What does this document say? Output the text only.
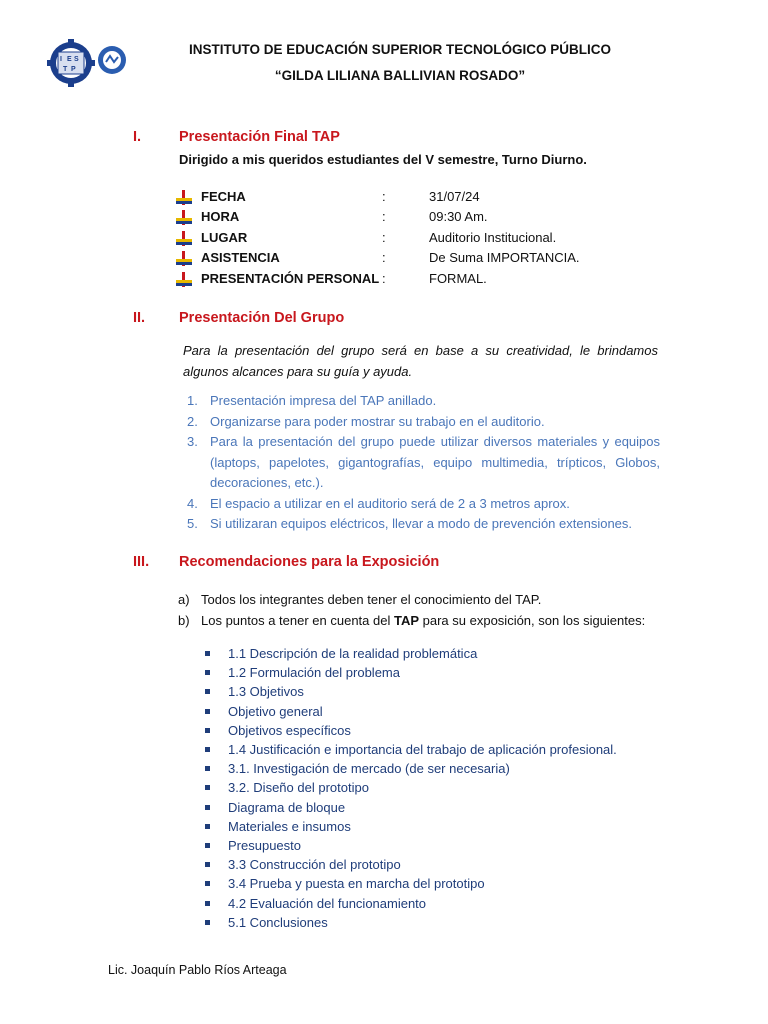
I E S
T P
INSTITUTO DE EDUCACIÓN SUPERIOR TECNOLÓGICO PÚBLICO
“GILDA LILIANA BALLIVIAN ROSADO”
I.	Presentación Final TAP
Dirigido a mis queridos estudiantes del V semestre, Turno Diurno.
FECHA	:	31/07/24
HORA	:	09:30 Am.
LUGAR	:	Auditorio Institucional.
ASISTENCIA	:	De Suma IMPORTANCIA.
PRESENTACIÓN PERSONAL :	FORMAL.
II. Presentación Del Grupo
Para la presentación del grupo será en base a su creatividad, le brindamos algunos alcances para su guía y ayuda.
1. Presentación impresa del TAP anillado.
2. Organizarse para poder mostrar su trabajo en el auditorio.
3. Para la presentación del grupo puede utilizar diversos materiales y equipos (laptops, papelotes, gigantografías, equipo multimedia, trípticos, Globos, decoraciones, etc.).
4. El espacio a utilizar en el auditorio será de 2 a 3 metros aprox.
5. Si utilizaran equipos eléctricos, llevar a modo de prevención extensiones.
III. Recomendaciones para la Exposición
a) Todos los integrantes deben tener el conocimiento del TAP.
b) Los puntos a tener en cuenta del TAP para su exposición, son los siguientes:
1.1 Descripción de la realidad problemática
1.2 Formulación del problema
1.3 Objetivos
Objetivo general
Objetivos específicos
1.4 Justificación e importancia del trabajo de aplicación profesional.
3.1. Investigación de mercado (de ser necesaria)
3.2. Diseño del prototipo
Diagrama de bloque
Materiales e insumos
Presupuesto
3.3 Construcción del prototipo
3.4 Prueba y puesta en marcha del prototipo
4.2 Evaluación del funcionamiento
5.1 Conclusiones
Lic. Joaquín Pablo Ríos Arteaga
